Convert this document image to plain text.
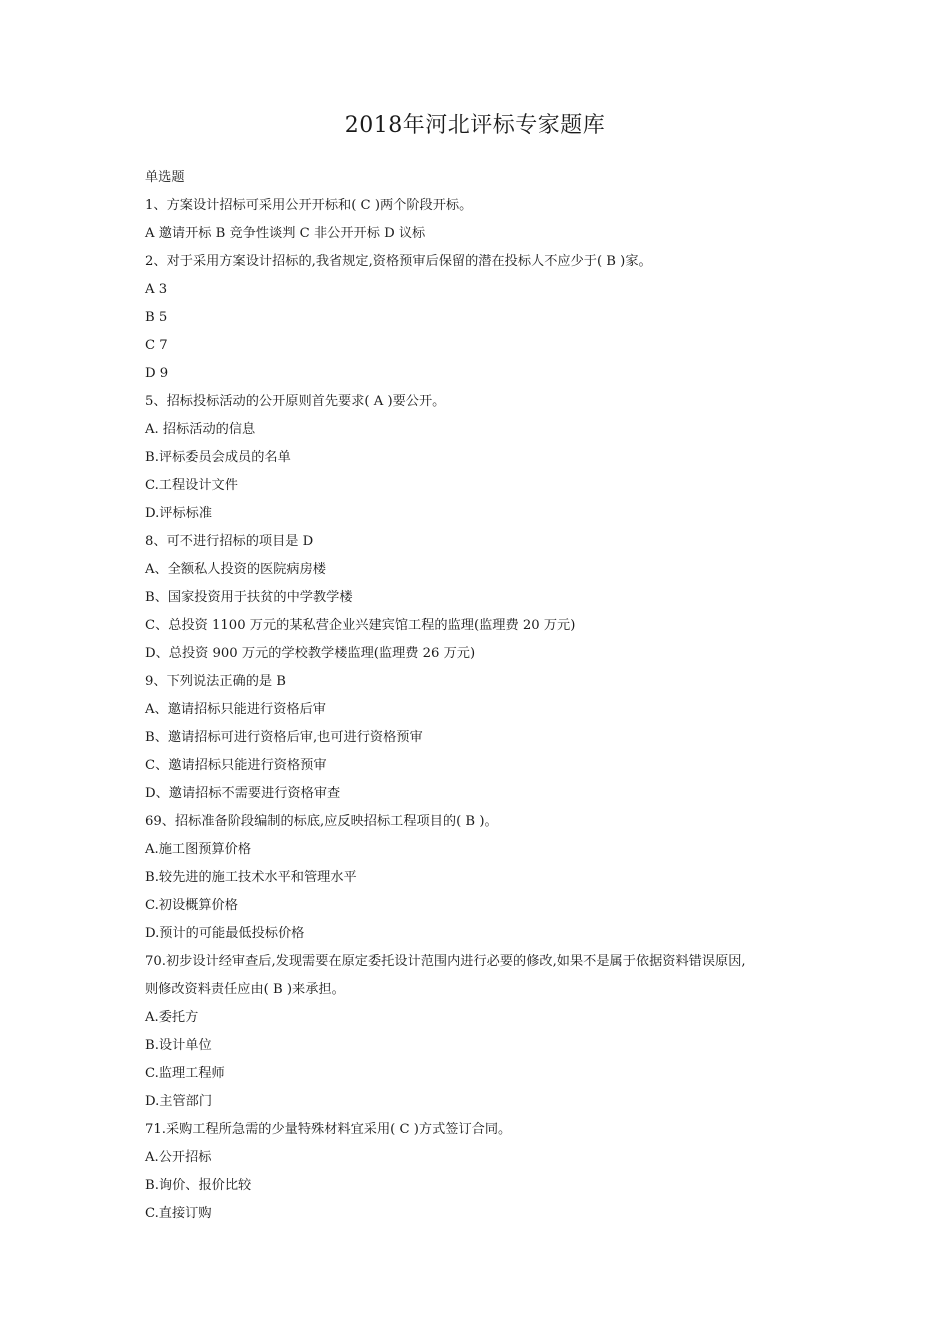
2018年河北评标专家题库
单选题
1、方案设计招标可采用公开开标和( C )两个阶段开标。
A 邀请开标 B 竞争性谈判 C 非公开开标 D 议标
2、对于采用方案设计招标的,我省规定,资格预审后保留的潜在投标人不应少于( B )家。
A 3
B 5
C 7
D 9
5、招标投标活动的公开原则首先要求( A )要公开。
A. 招标活动的信息
B.评标委员会成员的名单
C.工程设计文件
D.评标标准
8、可不进行招标的项目是 D
A、全额私人投资的医院病房楼
B、国家投资用于扶贫的中学教学楼
C、总投资 1100 万元的某私营企业兴建宾馆工程的监理(监理费 20 万元)
D、总投资 900 万元的学校教学楼监理(监理费 26 万元)
9、下列说法正确的是 B
A、邀请招标只能进行资格后审
B、邀请招标可进行资格后审,也可进行资格预审
C、邀请招标只能进行资格预审
D、邀请招标不需要进行资格审查
69、招标准备阶段编制的标底,应反映招标工程项目的( B )。
A.施工图预算价格
B.较先进的施工技术水平和管理水平
C.初设概算价格
D.预计的可能最低投标价格
70.初步设计经审查后,发现需要在原定委托设计范围内进行必要的修改,如果不是属于依据资料错误原因,
则修改资料责任应由( B )来承担。
A.委托方
B.设计单位
C.监理工程师
D.主管部门
71.采购工程所急需的少量特殊材料宜采用( C )方式签订合同。
A.公开招标
B.询价、报价比较
C.直接订购
